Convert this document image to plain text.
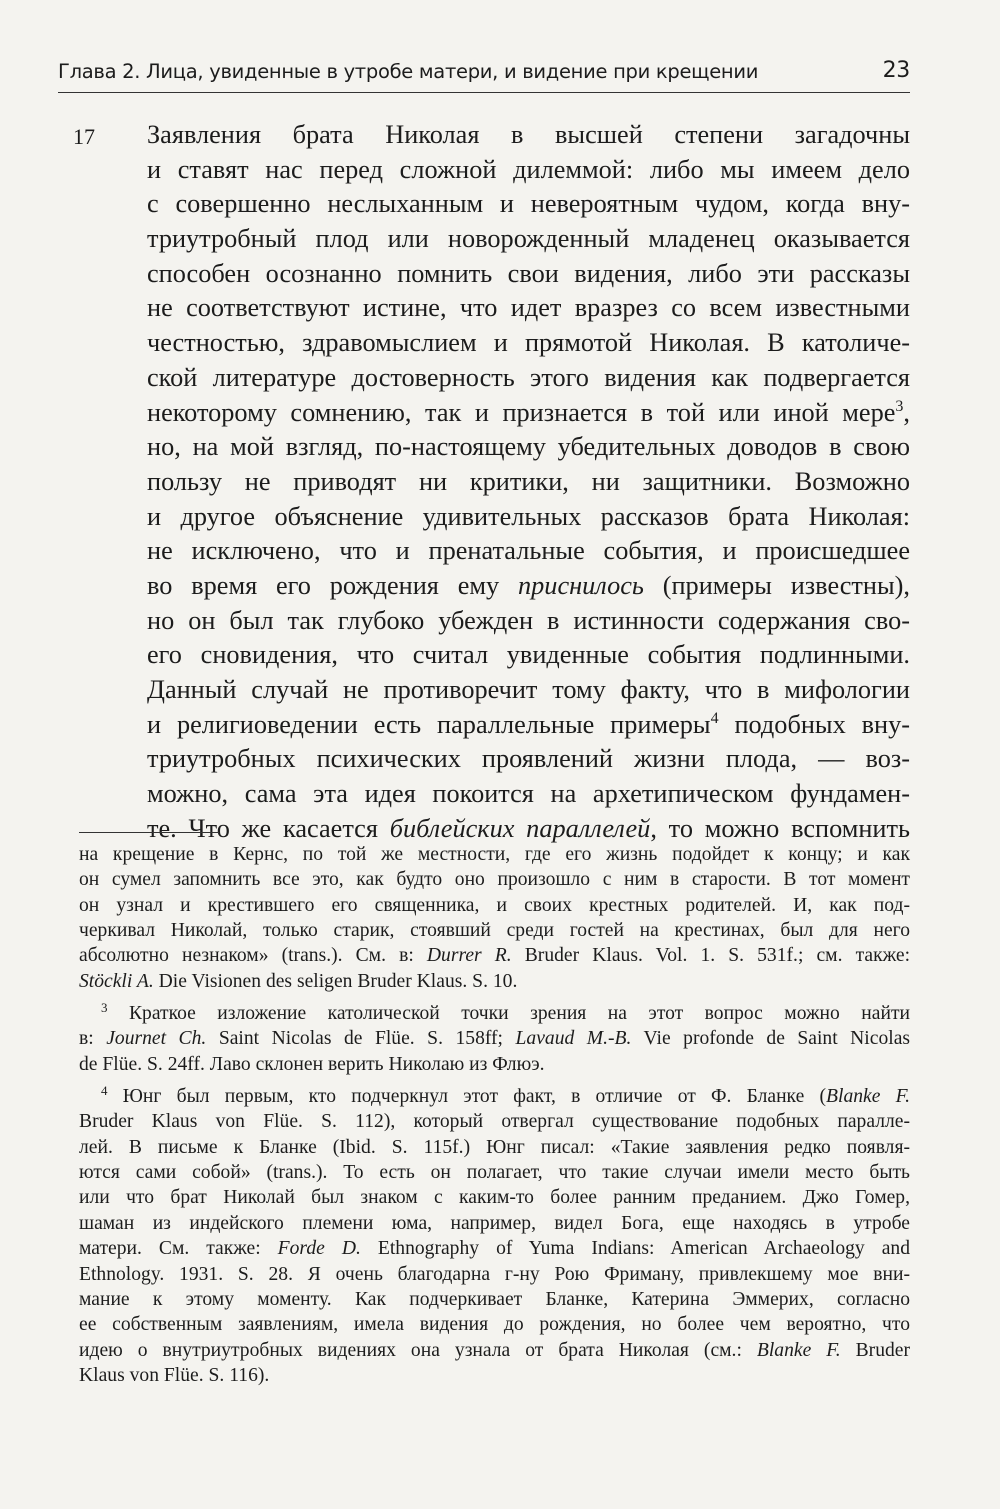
Глава 2. Лица, увиденные в утробе матери, и видение при крещении	23
17 Заявления брата Николая в высшей степени загадочны
и ставят нас перед сложной дилеммой: либо мы имеем дело
с совершенно неслыханным и невероятным чудом, когда вну-
триутробный плод или новорожденный младенец оказывается
способен осознанно помнить свои видения, либо эти рассказы
не соответствуют истине, что идет вразрез со всем известными
честностью, здравомыслием и прямотой Николая. В католиче-
ской литературе достоверность этого видения как подвергается
некоторому сомнению, так и признается в той или иной мере$^3$,
но, на мой взгляд, по-настоящему убедительных доводов в свою
пользу не приводят ни критики, ни защитники. Возможно
и другое объяснение удивительных рассказов брата Николая:
не исключено, что и пренатальные события, и происшедшее
во время его рождения ему приснилось (примеры известны),
но он был так глубоко убежден в истинности содержания сво-
его сновидения, что считал увиденные события подлинными.
Данный случай не противоречит тому факту, что в мифологии
и религиоведении есть параллельные примеры$^4$ подобных вну-
триутробных психических проявлений жизни плода, — воз-
можно, сама эта идея покоится на архетипическом фундамен-
те. Что же касается библейских параллелей, то можно вспомнить
на крещение в Кернс, по той же местности, где его жизнь подойдет к концу; и как
он сумел запомнить все это, как будто оно произошло с ним в старости. В тот момент
он узнал и крестившего его священника, и своих крестных родителей. И, как под-
черкивал Николай, только старик, стоявший среди гостей на крестинах, был для него
абсолютно незнаком» (trans.). См. в: Durrer R. Bruder Klaus. Vol. 1. S. 531f.; см. также:
Stöckli A. Die Visionen des seligen Bruder Klaus. S. 10.
$^3$ Краткое изложение католической точки зрения на этот вопрос можно найти
в: Journet Ch. Saint Nicolas de Flüe. S. 158ff; Lavaud M.-B. Vie profonde de Saint Nicolas
de Flüe. S. 24ff. Лаво склонен верить Николаю из Флюэ.
$^4$ Юнг был первым, кто подчеркнул этот факт, в отличие от Ф. Бланке (Blanke F.
Bruder Klaus von Flüe. S. 112), который отвергал существование подобных паралле-
лей. В письме к Бланке (Ibid. S. 115f.) Юнг писал: «Такие заявления редко появля-
ются сами собой» (trans.). То есть он полагает, что такие случаи имели место быть
или что брат Николай был знаком с каким-то более ранним преданием. Джо Гомер,
шаман из индейского племени юма, например, видел Бога, еще находясь в утробе
матери. См. также: Forde D. Ethnography of Yuma Indians: American Archaeology and
Ethnology. 1931. S. 28. Я очень благодарна г-ну Рою Фриману, привлекшему мое вни-
мание к этому моменту. Как подчеркивает Бланке, Катерина Эммерих, согласно
ее собственным заявлениям, имела видения до рождения, но более чем вероятно, что
идею о внутриутробных видениях она узнала от брата Николая (см.: Blanke F. Bruder
Klaus von Flüe. S. 116).
